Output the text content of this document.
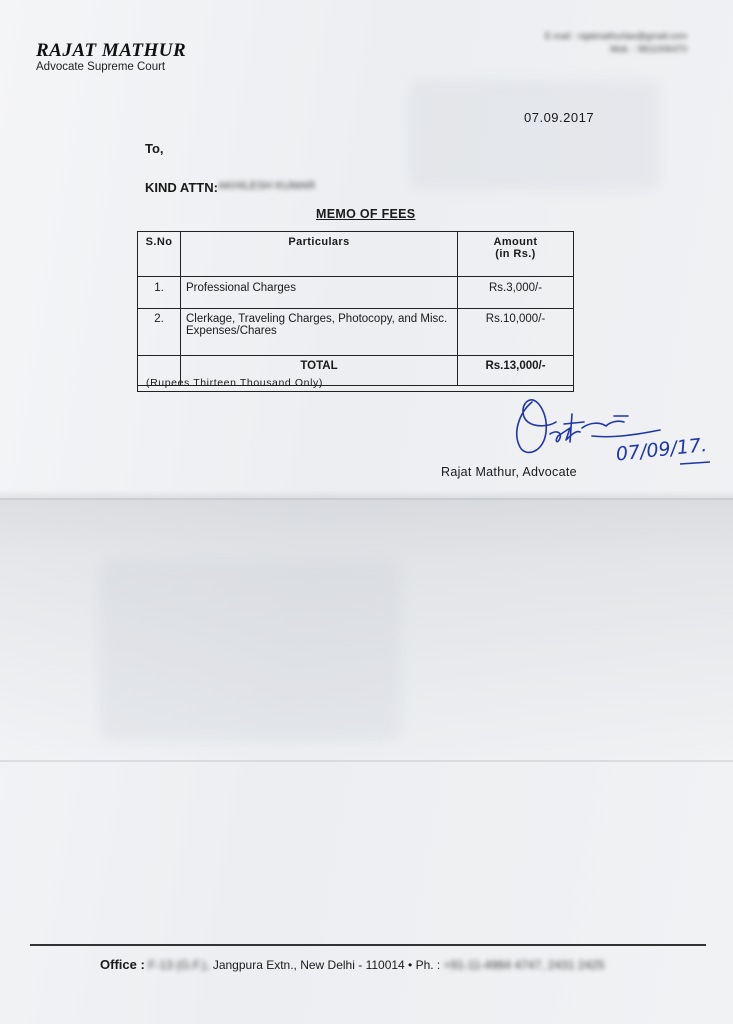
RAJAT MATHUR
Advocate Supreme Court
E-mail : rajatmathurlaw@gmail.com
Mob. : 9811006470
07.09.2017
To,
KIND ATTN: AKHILESH KUMAR
MEMO OF FEES
S.No	Particulars	Amount
(in Rs.)

1.	Professional Charges	Rs.3,000/-
2.	Clerkage, Traveling Charges, Photocopy, and Misc. Expenses/Chares	Rs.10,000/-
	TOTAL	Rs.13,000/-
(Rupees Thirteen Thousand Only)
07/09/17.
Rajat Mathur, Advocate
Office : F-13 (G.F.), Jangpura Extn., New Delhi - 110014 • Ph. : +91-11-4984 4747, 2431 2425
